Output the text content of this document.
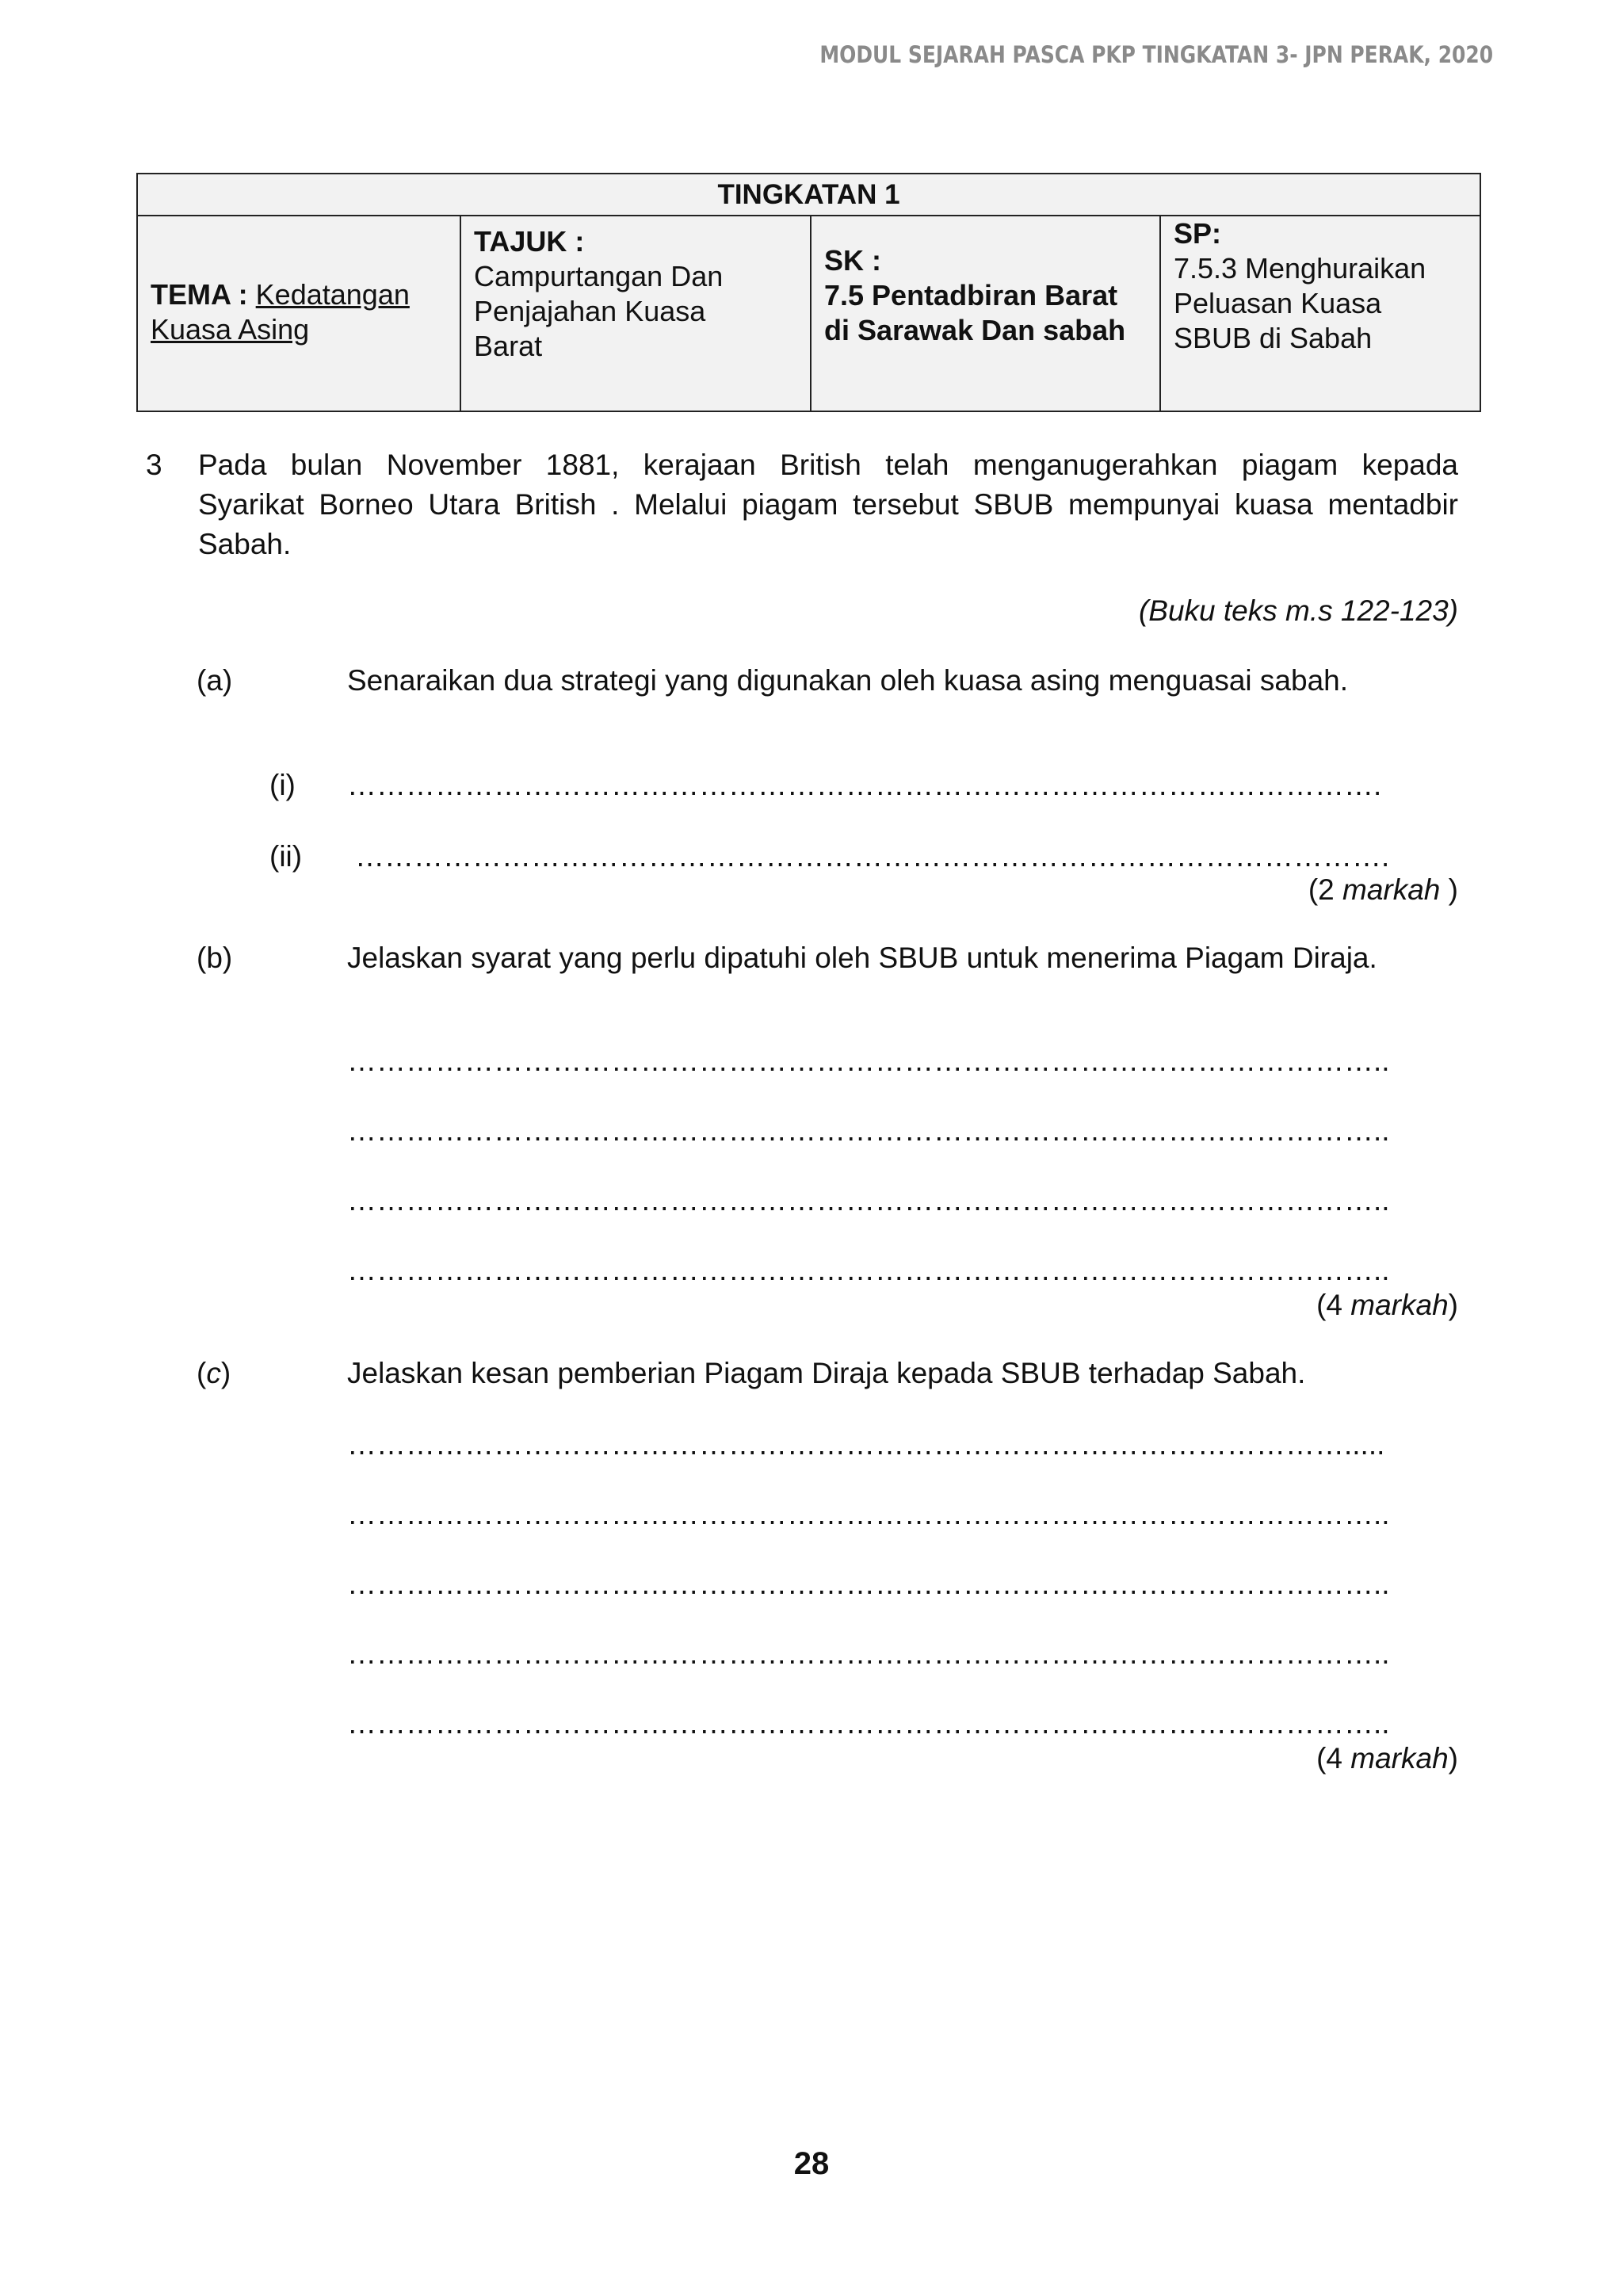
MODUL SEJARAH PASCA PKP TINGKATAN 3- JPN PERAK, 2020
TINGKATAN 1
TEMA : Kedatangan
Kuasa Asing
TAJUK :
Campurtangan Dan
Penjajahan Kuasa
Barat
SK :
7.5 Pentadbiran Barat
di Sarawak Dan sabah
SP:
7.5.3 Menghuraikan
Peluasan Kuasa
SBUB di Sabah
3 Pada bulan November 1881, kerajaan British telah menganugerahkan piagam kepada
Syarikat Borneo Utara British . Melalui piagam tersebut SBUB mempunyai kuasa mentadbir
Sabah.
(Buku teks m.s 122-123)
(a)	Senaraikan dua strategi yang digunakan oleh kuasa asing menguasai sabah.
(i) …………………………………………………………………………………………….
(ii) …………………………………………………………………………………………….
(2 markah )
(b)	Jelaskan syarat yang perlu dipatuhi oleh SBUB untuk menerima Piagam Diraja.
……………………………………………………………………………………………..
……………………………………………………………………………………………..
……………………………………………………………………………………………..
……………………………………………………………………………………………..
(4 markah)
(c)	Jelaskan kesan pemberian Piagam Diraja kepada SBUB terhadap Sabah.
………………………………………………………………………………………….....
……………………………………………………………………………………………..
……………………………………………………………………………………………..
……………………………………………………………………………………………..
……………………………………………………………………………………………..
(4 markah)
28
